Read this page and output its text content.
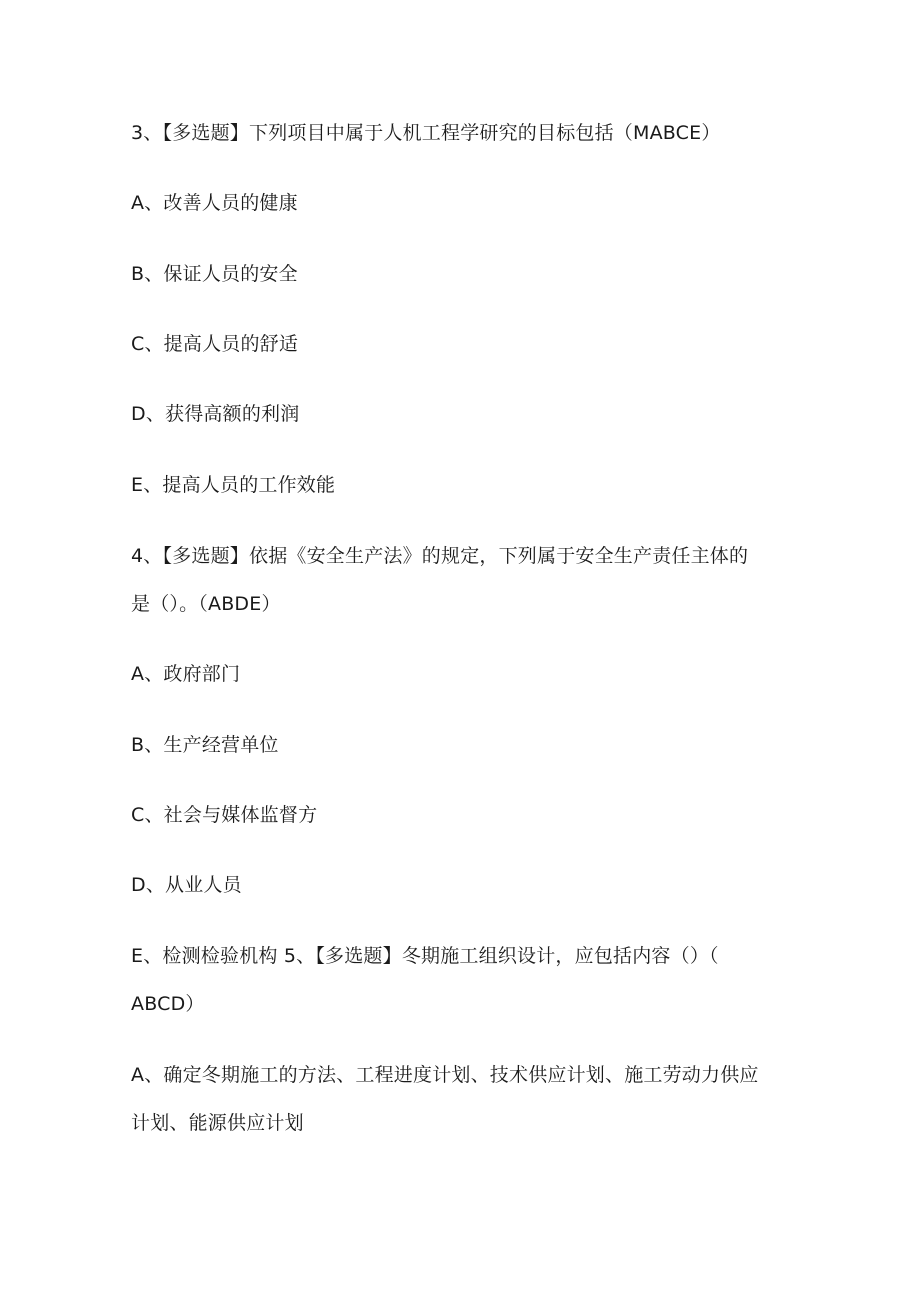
3、【多选题】下列项目中属于人机工程学研究的目标包括（MABCE）
A、改善人员的健康
B、保证人员的安全
C、提高人员的舒适
D、获得高额的利润
E、提高人员的工作效能
4、【多选题】依据《安全生产法》的规定，下列属于安全生产责任主体的
是（）。（ABDE）
A、政府部门
B、生产经营单位
C、社会与媒体监督方
D、从业人员
E、检测检验机构 5、【多选题】冬期施工组织设计，应包括内容（）（
ABCD）
A、确定冬期施工的方法、工程进度计划、技术供应计划、施工劳动力供应
计划、能源供应计划
